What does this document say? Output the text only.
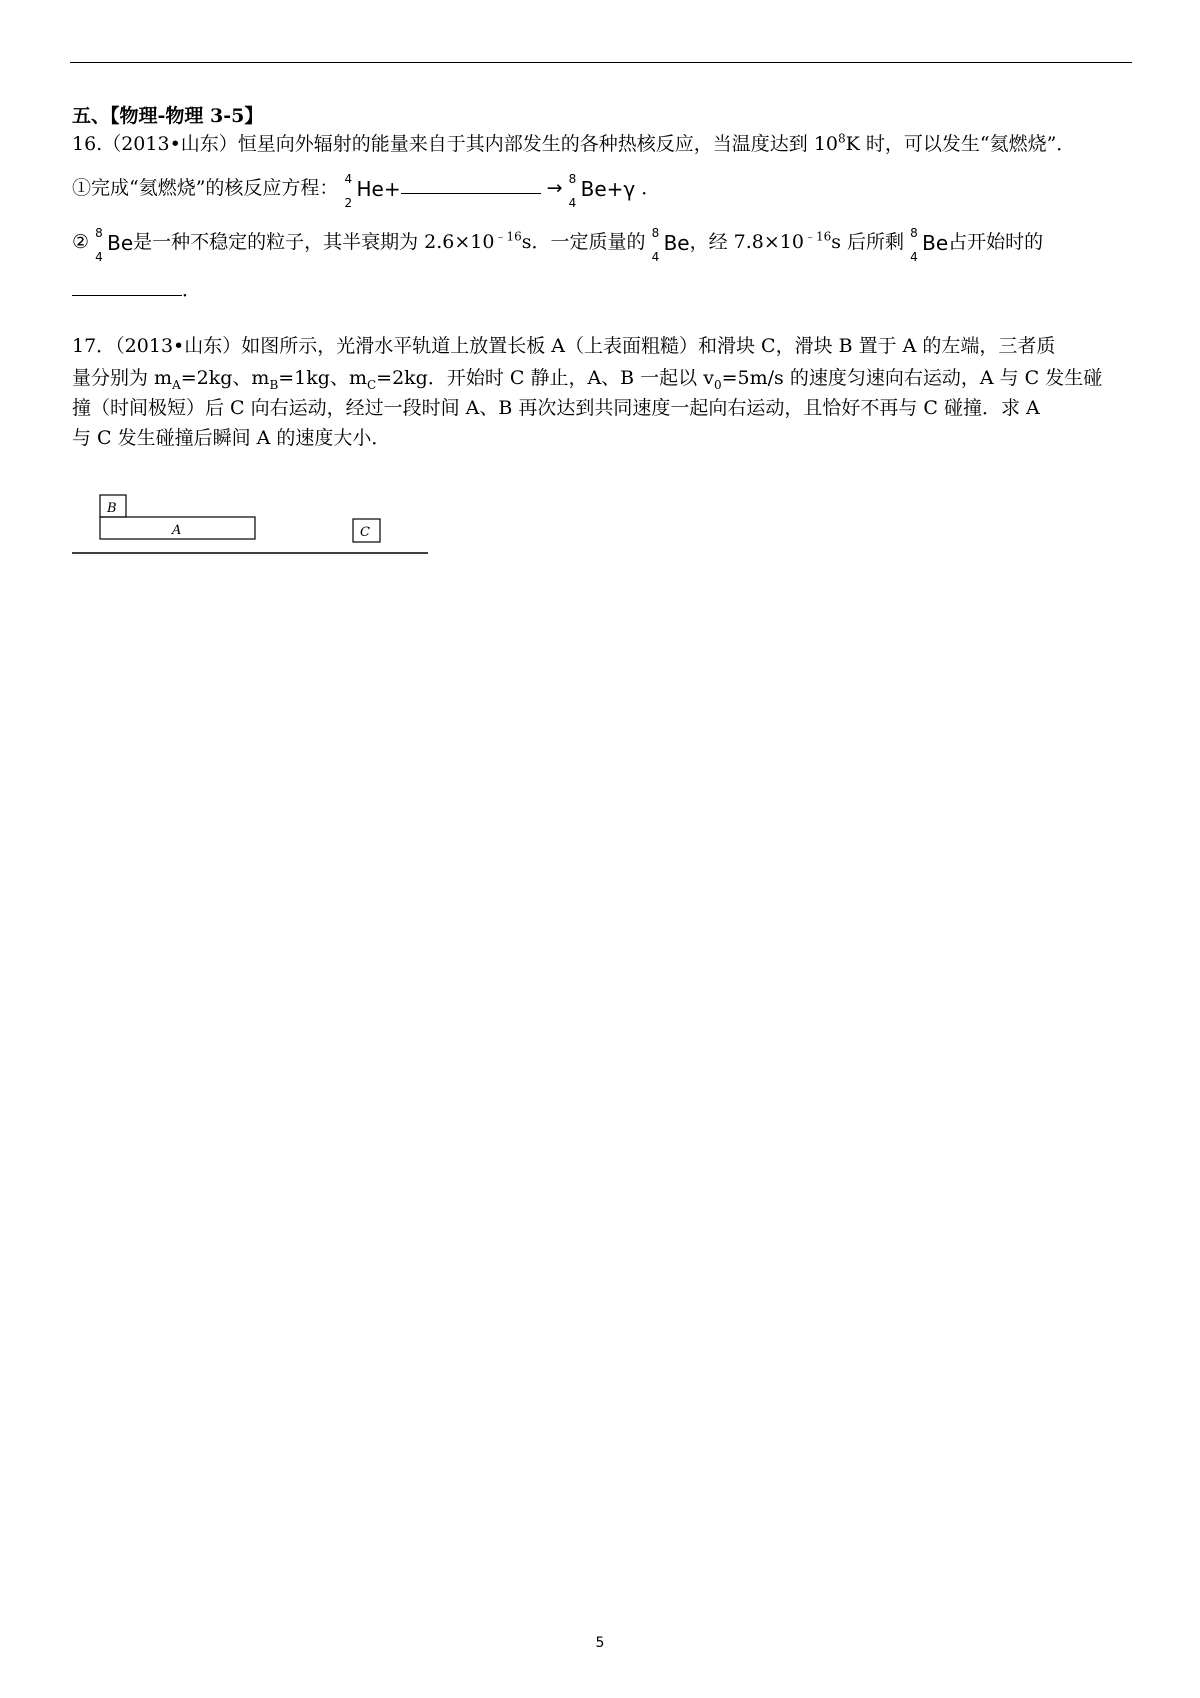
五、【物理-物理 3-5】
16.（2013•山东）恒星向外辐射的能量来自于其内部发生的各种热核反应，当温度达到 $10^8K$ 时，可以发生“氦燃烧”．
①完成“氦燃烧”的核反应方程： 4
2
He+	→ 8
4
Be+γ ．
② 8
4
Be是一种不稳定的粒子，其半衰期为 $2.6\times 10^{﹣16}s$．一定质量的 8
4
Be，经 $7.8\times 10^{﹣16}s$ 后所剩 8
4
Be占开始时的
．
17．（2013•山东）如图所示，光滑水平轨道上放置长板 A（上表面粗糙）和滑块 C，滑块 B 置于 A 的左端，三者质
量分别为 $m_A=2kg$、$m_B=1kg$、$m_C=2kg$．开始时 C 静止，A、B 一起以 $v_0=5m/s$ 的速度匀速向右运动，A 与 C 发生碰
撞（时间极短）后 C 向右运动，经过一段时间 A、B 再次达到共同速度一起向右运动，且恰好不再与 C 碰撞．求 A
与 C 发生碰撞后瞬间 A 的速度大小．
B
A	C
5
